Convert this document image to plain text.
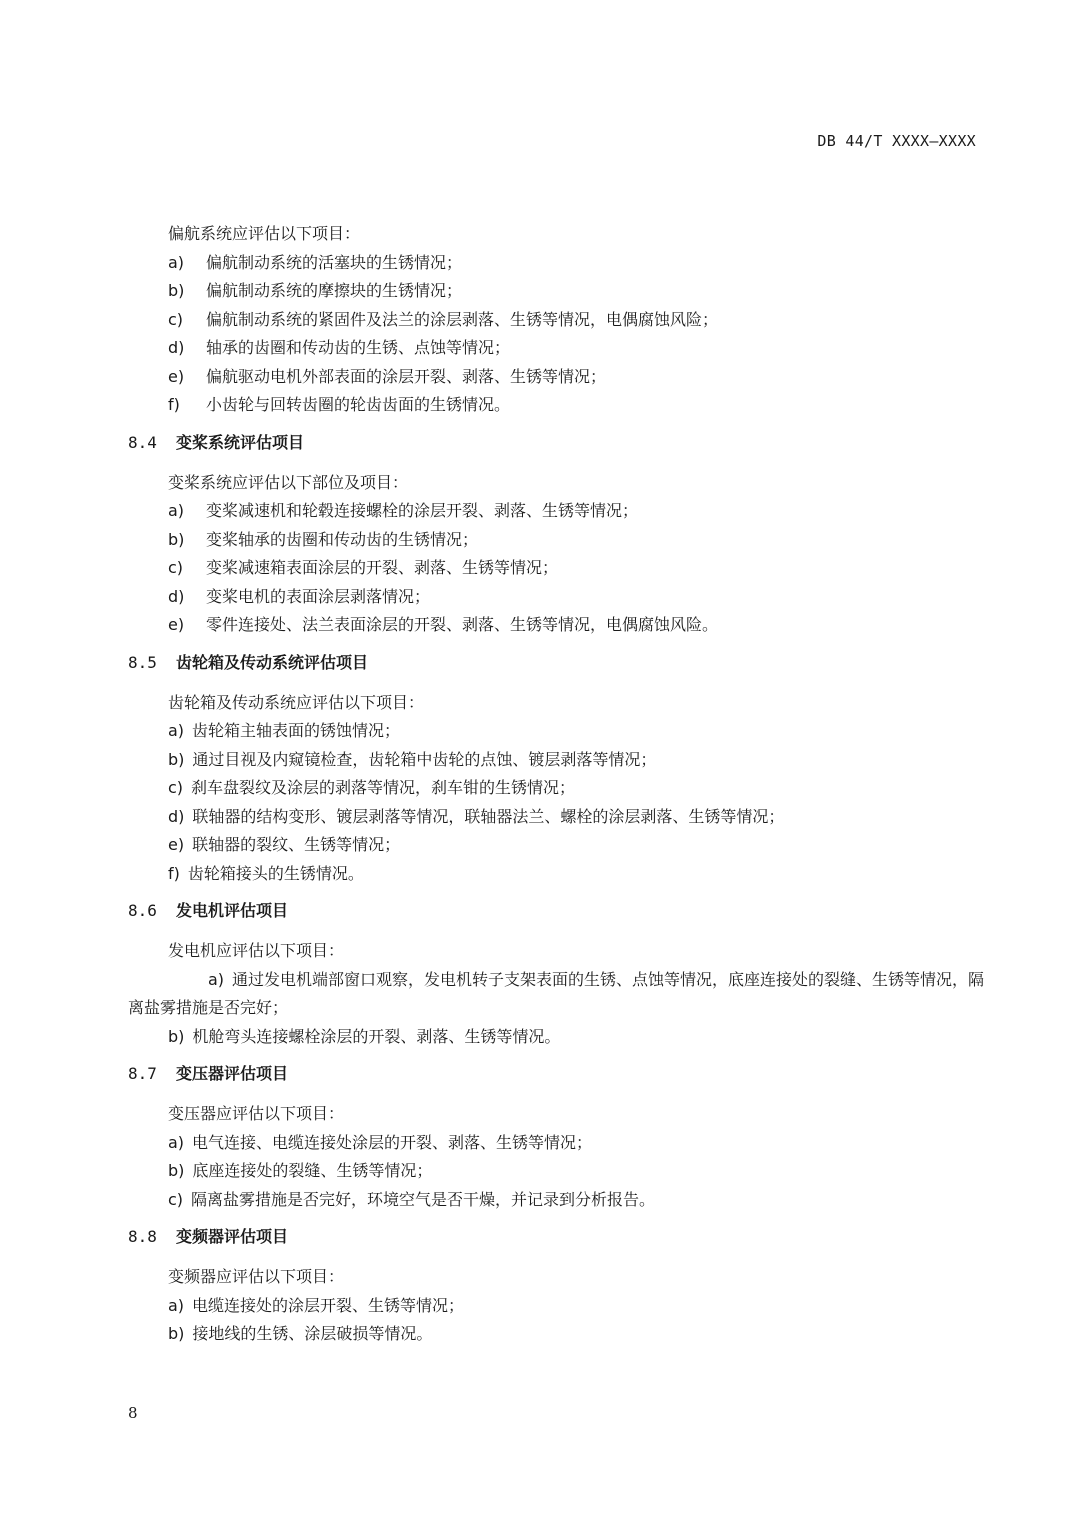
DB 44/T XXXX—XXXX

偏航系统应评估以下项目：

a) 偏航制动系统的活塞块的生锈情况；

b) 偏航制动系统的摩擦块的生锈情况；

c) 偏航制动系统的紧固件及法兰的涂层剥落、生锈等情况，电偶腐蚀风险；

d) 轴承的齿圈和传动齿的生锈、点蚀等情况；

e) 偏航驱动电机外部表面的涂层开裂、剥落、生锈等情况；

f) 小齿轮与回转齿圈的轮齿齿面的生锈情况。

8.4 变桨系统评估项目

变桨系统应评估以下部位及项目：

a) 变桨减速机和轮毂连接螺栓的涂层开裂、剥落、生锈等情况；

b) 变桨轴承的齿圈和传动齿的生锈情况；

c) 变桨减速箱表面涂层的开裂、剥落、生锈等情况；

d) 变桨电机的表面涂层剥落情况；

e) 零件连接处、法兰表面涂层的开裂、剥落、生锈等情况，电偶腐蚀风险。

8.5 齿轮箱及传动系统评估项目

齿轮箱及传动系统应评估以下项目：

a) 齿轮箱主轴表面的锈蚀情况；

b) 通过目视及内窥镜检查，齿轮箱中齿轮的点蚀、镀层剥落等情况；

c) 刹车盘裂纹及涂层的剥落等情况，刹车钳的生锈情况；

d) 联轴器的结构变形、镀层剥落等情况，联轴器法兰、螺栓的涂层剥落、生锈等情况；

e) 联轴器的裂纹、生锈等情况；

f) 齿轮箱接头的生锈情况。

8.6 发电机评估项目

发电机应评估以下项目：

a) 通过发电机端部窗口观察，发电机转子支架表面的生锈、点蚀等情况，底座连接处的裂缝、生锈等情况，隔离盐雾措施是否完好；

b) 机舱弯头连接螺栓涂层的开裂、剥落、生锈等情况。

8.7 变压器评估项目

变压器应评估以下项目：

a) 电气连接、电缆连接处涂层的开裂、剥落、生锈等情况；

b) 底座连接处的裂缝、生锈等情况；

c) 隔离盐雾措施是否完好，环境空气是否干燥，并记录到分析报告。

8.8 变频器评估项目

变频器应评估以下项目：

a) 电缆连接处的涂层开裂、生锈等情况；

b) 接地线的生锈、涂层破损等情况。

8
